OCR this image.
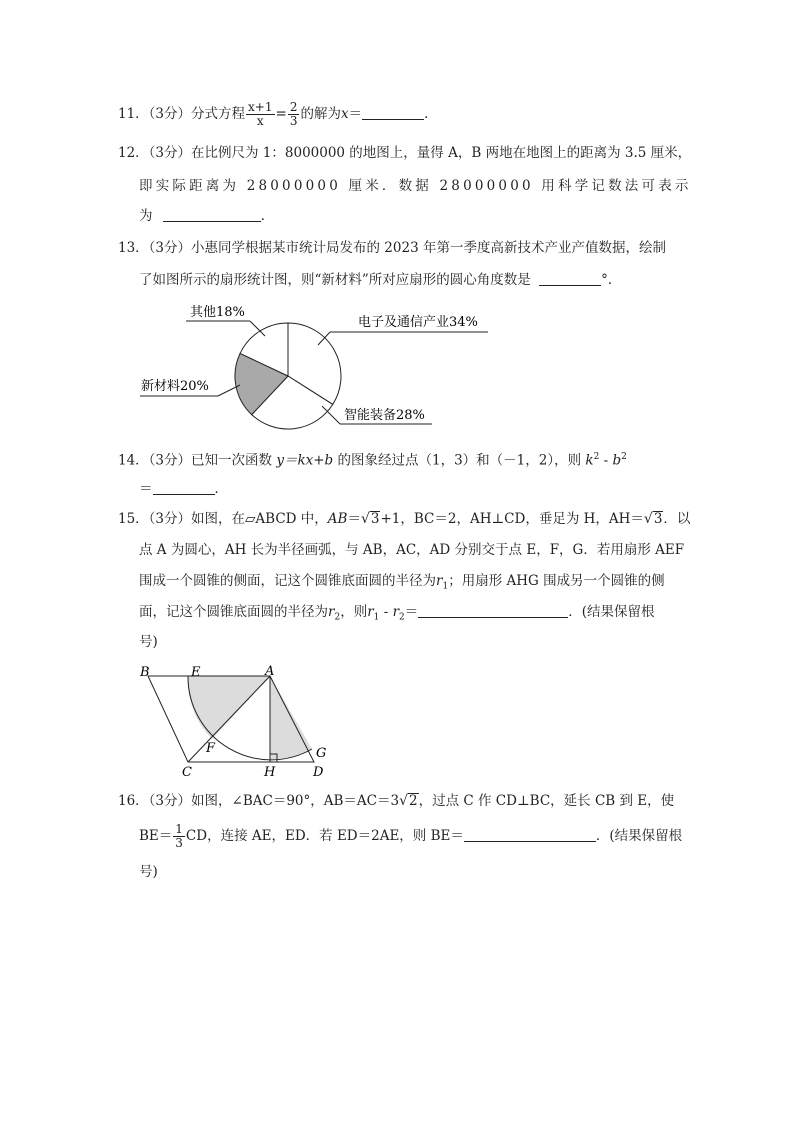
11．（3分）分式方程 $\frac{x+1}{x} = \frac{2}{3}$ 的解为x＝	．
12．（3分）在比例尺为 1：8000000 的地图上，量得 A，B 两地在地图上的距离为 3.5 厘米，
即实际距离为 28000000 厘米．数据 28000000 用科学记数法可表示
为	．
13．（3分）小惠同学根据某市统计局发布的 2023 年第一季度高新技术产业产值数据，绘制
了如图所示的扇形统计图，则“新材料”所对应扇形的圆心角度数是	°．
其他18%
电子及通信产业34%
新材料20%
智能装备28%
14．（3分）已知一次函数 y＝kx+b 的图象经过点（1，3）和（－1，2），则 $k^2 - b^2$
＝	．
15．（3分）如图，在▱ABCD 中，AB＝√3+1，BC＝2，AH⊥CD，垂足为 H，AH＝√3．以
点 A 为圆心，AH 长为半径画弧，与 AB，AC，AD 分别交于点 E，F，G．若用扇形 AEF
围成一个圆锥的侧面，记这个圆锥底面圆的半径为$r_1$；用扇形 AHG 围成另一个圆锥的侧
面，记这个圆锥底面圆的半径为$r_2$，则$r_1 - r_2=$	．(结果保留根
号)
B	E	A
F	G
C	H	D
16．（3分）如图，∠BAC＝90°，AB＝AC＝3√2，过点 C 作 CD⊥BC，延长 CB 到 E，使
$BE= \frac{1}{3}$ CD，连接 AE，ED．若 ED＝2AE，则 BE＝	．(结果保留根
号)
